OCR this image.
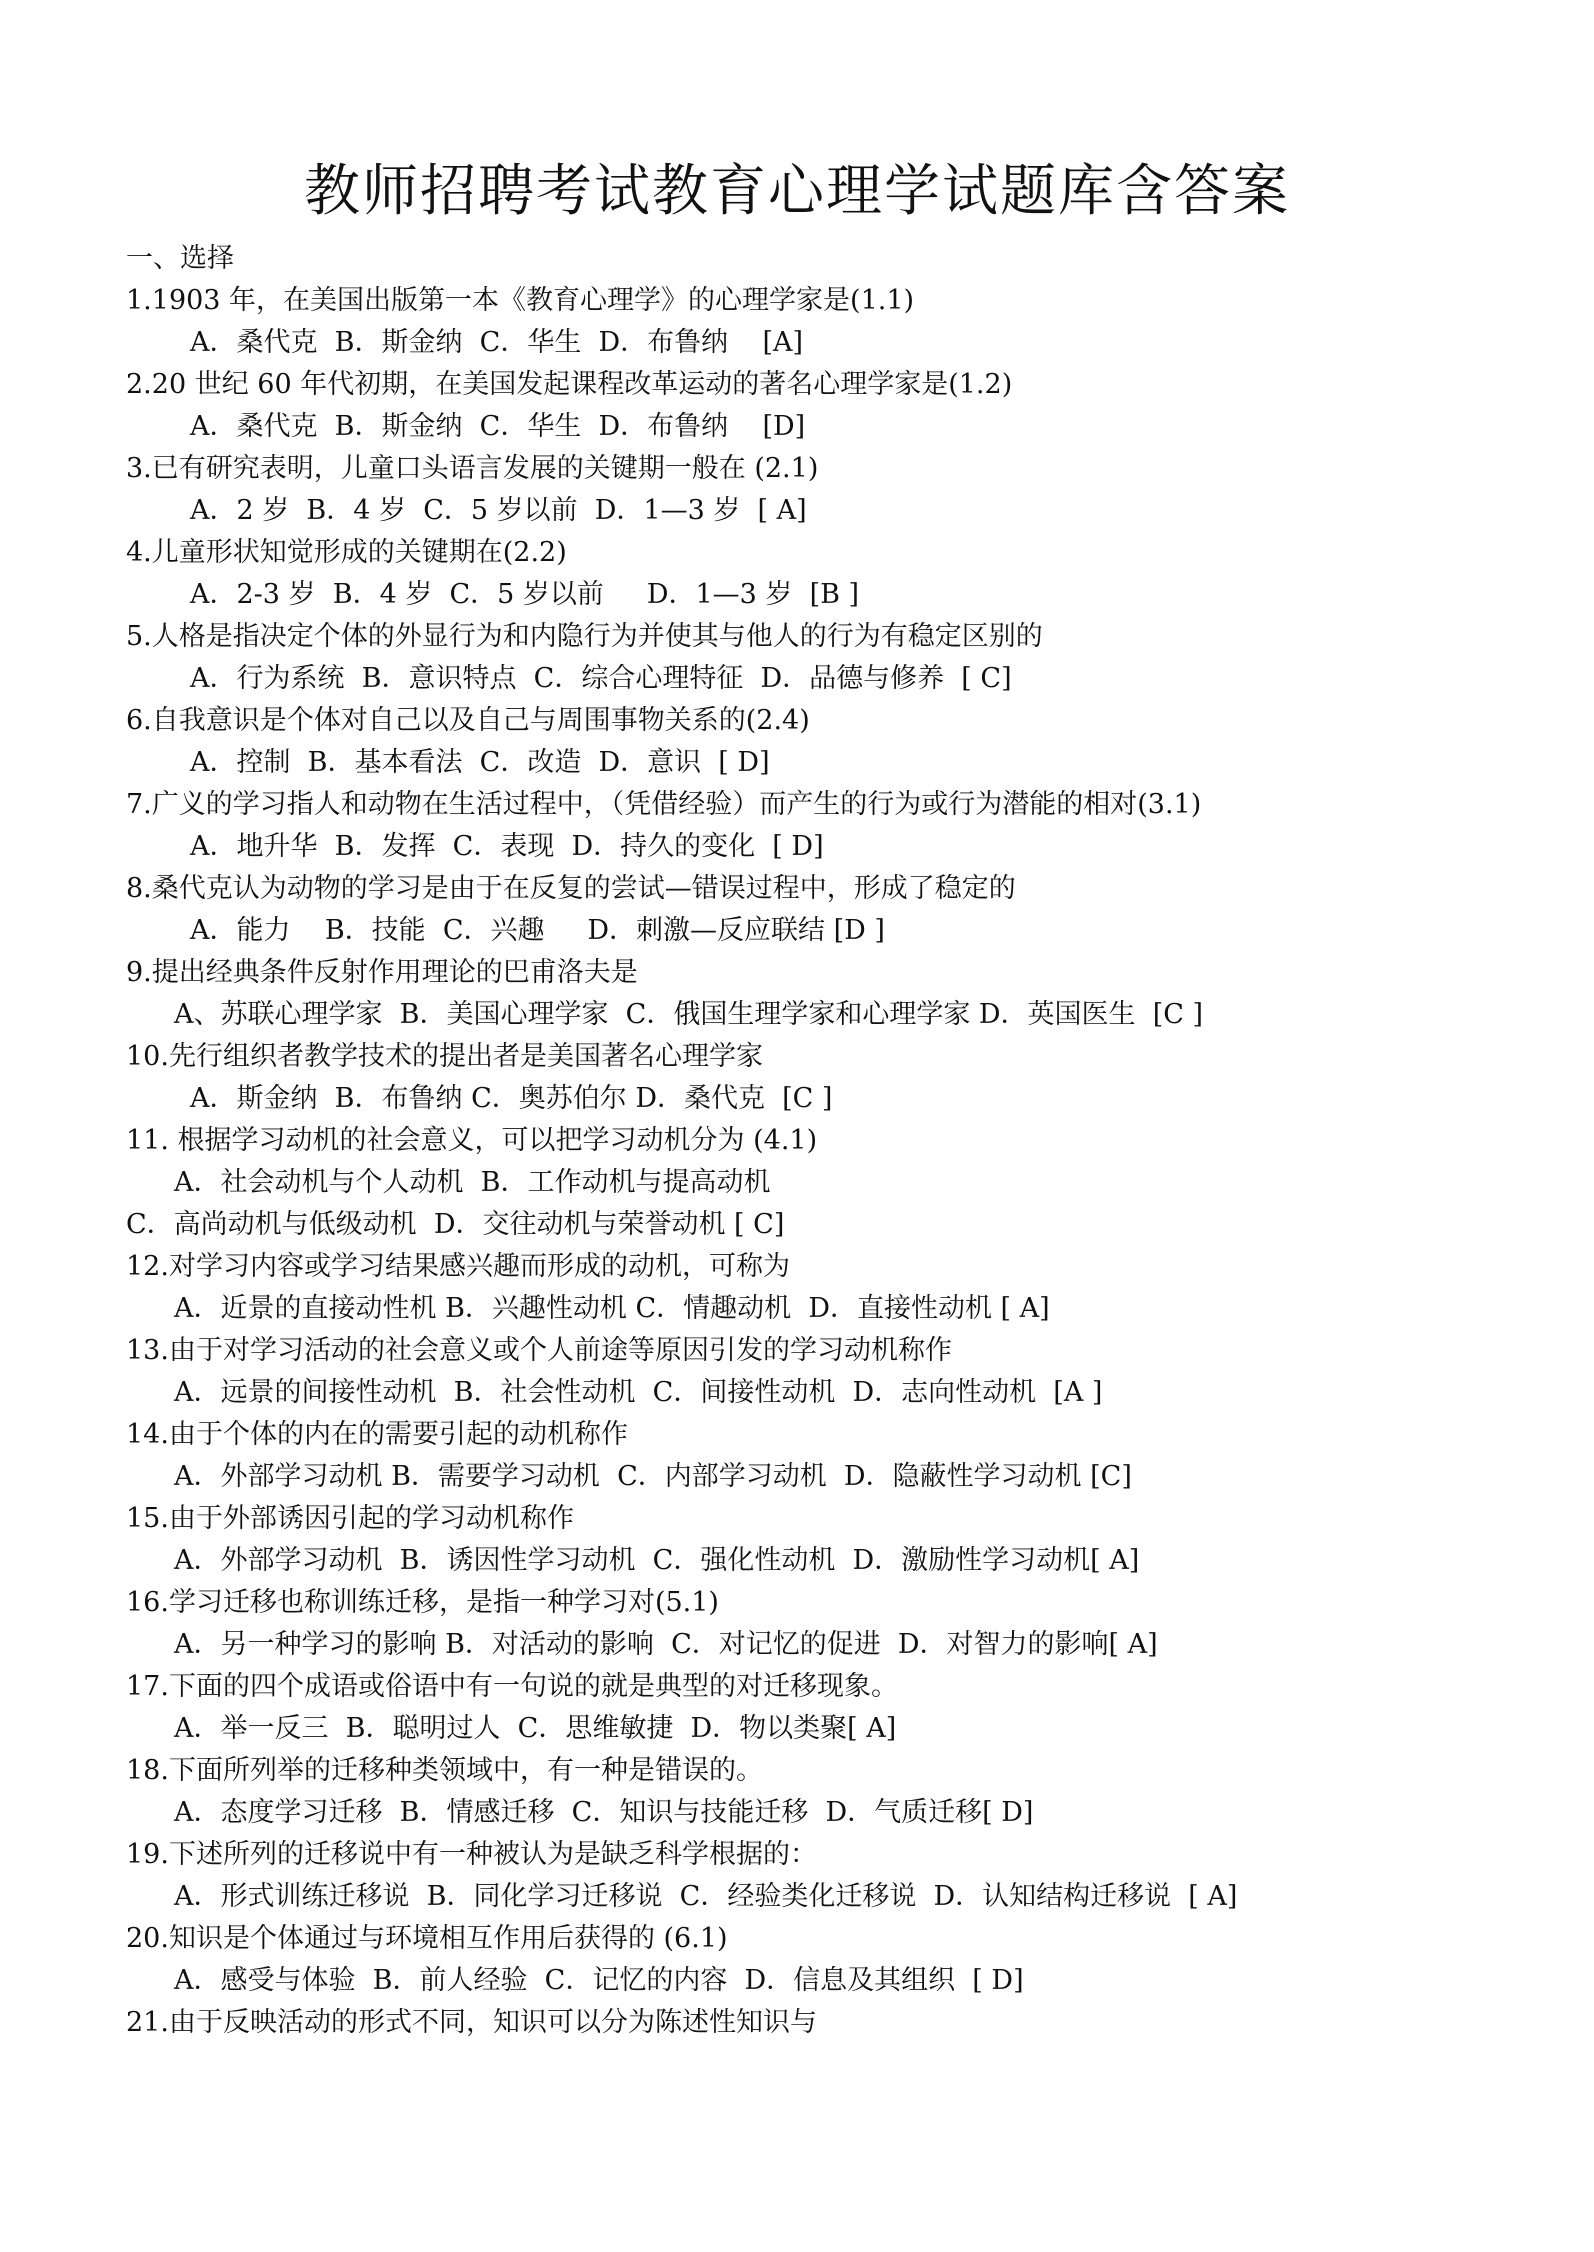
教师招聘考试教育心理学试题库含答案
一、选择
1.1903 年，在美国出版第一本《教育心理学》的心理学家是(1.1)
A．桑代克  B．斯金纳  C．华生  D．布鲁纳    [A]
2.20 世纪 60 年代初期，在美国发起课程改革运动的著名心理学家是(1.2)
A．桑代克  B．斯金纳  C．华生  D．布鲁纳    [D]
3.已有研究表明，儿童口头语言发展的关键期一般在 (2.1)
A．2 岁  B．4 岁  C．5 岁以前  D．1—3 岁  [ A]
4.儿童形状知觉形成的关键期在(2.2)
A．2-3 岁  B．4 岁  C．5 岁以前     D．1—3 岁  [B ]
5.人格是指决定个体的外显行为和内隐行为并使其与他人的行为有稳定区别的
A．行为系统  B．意识特点  C．综合心理特征  D．品德与修养  [ C]
6.自我意识是个体对自己以及自己与周围事物关系的(2.4)
A．控制  B．基本看法  C．改造  D．意识  [ D]
7.广义的学习指人和动物在生活过程中，（凭借经验）而产生的行为或行为潜能的相对(3.1)
A．地升华  B．发挥  C．表现  D．持久的变化  [ D]
8.桑代克认为动物的学习是由于在反复的尝试—错误过程中，形成了稳定的
A．能力    B．技能  C．兴趣     D．刺激—反应联结 [D ]
9.提出经典条件反射作用理论的巴甫洛夫是
A、苏联心理学家  B．美国心理学家  C．俄国生理学家和心理学家 D．英国医生  [C ]
10.先行组织者教学技术的提出者是美国著名心理学家
A．斯金纳  B．布鲁纳 C．奥苏伯尔 D．桑代克  [C ]
11. 根据学习动机的社会意义，可以把学习动机分为 (4.1)
A．社会动机与个人动机  B．工作动机与提高动机
C．高尚动机与低级动机  D．交往动机与荣誉动机 [ C]
12.对学习内容或学习结果感兴趣而形成的动机，可称为
A．近景的直接动性机 B．兴趣性动机 C．情趣动机  D．直接性动机 [ A]
13.由于对学习活动的社会意义或个人前途等原因引发的学习动机称作
A．远景的间接性动机  B．社会性动机  C．间接性动机  D．志向性动机  [A ]
14.由于个体的内在的需要引起的动机称作
A．外部学习动机 B．需要学习动机  C．内部学习动机  D．隐蔽性学习动机 [C]
15.由于外部诱因引起的学习动机称作
A．外部学习动机  B．诱因性学习动机  C．强化性动机  D．激励性学习动机[ A]
16.学习迁移也称训练迁移，是指一种学习对(5.1)
A．另一种学习的影响 B．对活动的影响  C．对记忆的促进  D．对智力的影响[ A]
17.下面的四个成语或俗语中有一句说的就是典型的对迁移现象。
A．举一反三  B．聪明过人  C．思维敏捷  D．物以类聚[ A]
18.下面所列举的迁移种类领域中，有一种是错误的。
A．态度学习迁移  B．情感迁移  C．知识与技能迁移  D．气质迁移[ D]
19.下述所列的迁移说中有一种被认为是缺乏科学根据的：
A．形式训练迁移说  B．同化学习迁移说  C．经验类化迁移说  D．认知结构迁移说  [ A]
20.知识是个体通过与环境相互作用后获得的 (6.1)
A．感受与体验  B．前人经验  C．记忆的内容  D．信息及其组织  [ D]
21.由于反映活动的形式不同，知识可以分为陈述性知识与
